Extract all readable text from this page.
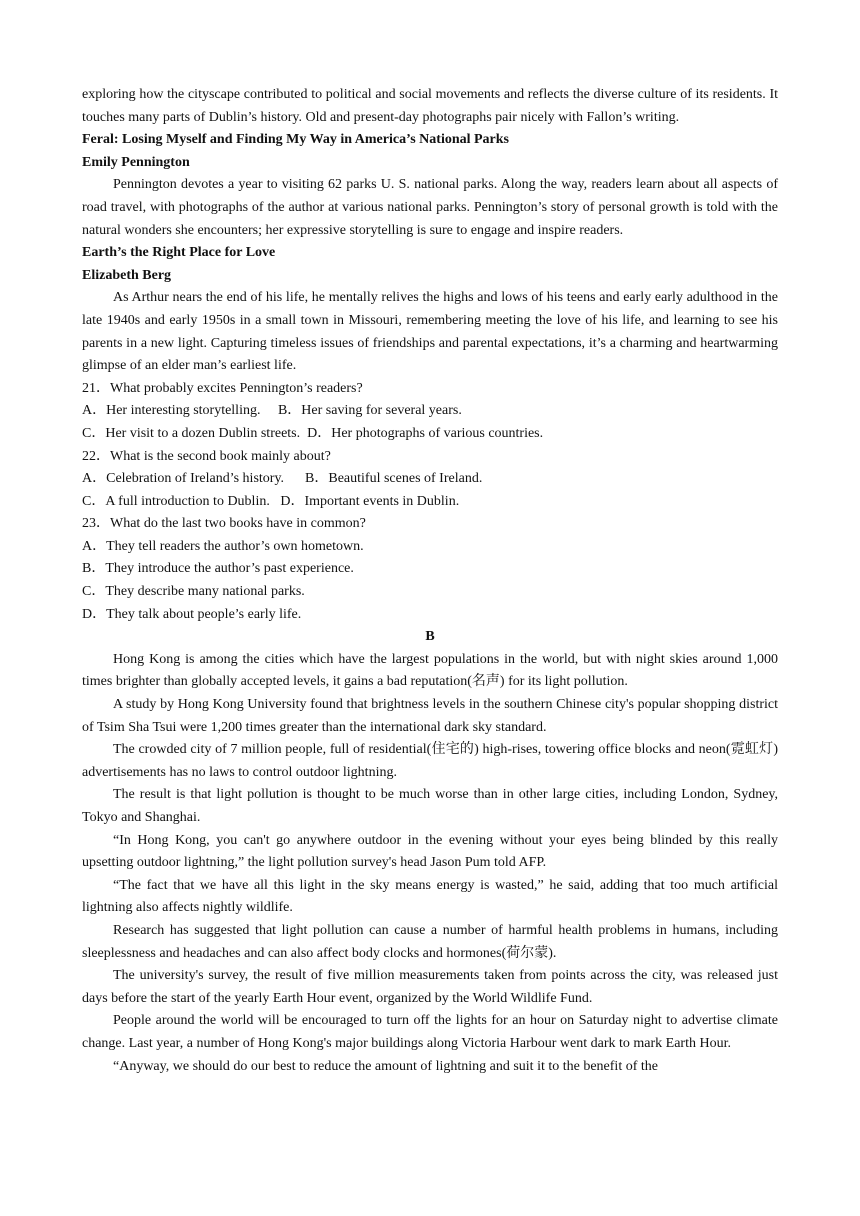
exploring how the cityscape contributed to political and social movements and reflects the diverse culture of its residents. It touches many parts of Dublin’s history. Old and present-day photographs pair nicely with Fallon’s writing.

Feral: Losing Myself and Finding My Way in America’s National Parks

Emily Pennington

Pennington devotes a year to visiting 62 parks U. S. national parks. Along the way, readers learn about all aspects of road travel, with photographs of the author at various national parks. Pennington’s story of personal growth is told with the natural wonders she encounters; her expressive storytelling is sure to engage and inspire readers.

Earth’s the Right Place for Love

Elizabeth Berg

As Arthur nears the end of his life, he mentally relives the highs and lows of his teens and early early adulthood in the late 1940s and early 1950s in a small town in Missouri, remembering meeting the love of his life, and learning to see his parents in a new light. Capturing timeless issues of friendships and parental expectations, it’s a charming and heartwarming glimpse of an elder man’s earliest life.

21．What probably excites Pennington’s readers?

A．Her interesting storytelling.     B．Her saving for several years.

C．Her visit to a dozen Dublin streets.  D．Her photographs of various countries.

22．What is the second book mainly about?

A．Celebration of Ireland’s history.      B．Beautiful scenes of Ireland.

C．A full introduction to Dublin.   D．Important events in Dublin.

23．What do the last two books have in common?

A．They tell readers the author’s own hometown.

B．They introduce the author’s past experience.

C．They describe many national parks.

D．They talk about people’s early life.

B

Hong Kong is among the cities which have the largest populations in the world, but with night skies around 1,000 times brighter than globally accepted levels, it gains a bad reputation(名声) for its light pollution.

A study by Hong Kong University found that brightness levels in the southern Chinese city's popular shopping district of Tsim Sha Tsui were 1,200 times greater than the international dark sky standard.

The crowded city of 7 million people, full of residential(住宅的) high-rises, towering office blocks and neon(霓虹灯) advertisements has no laws to control outdoor lightning.

The result is that light pollution is thought to be much worse than in other large cities, including London, Sydney, Tokyo and Shanghai.

“In Hong Kong, you can't go anywhere outdoor in the evening without your eyes being blinded by this really upsetting outdoor lightning,” the light pollution survey's head Jason Pum told AFP.

“The fact that we have all this light in the sky means energy is wasted,” he said, adding that too much artificial lightning also affects nightly wildlife.

Research has suggested that light pollution can cause a number of harmful health problems in humans, including sleeplessness and headaches and can also affect body clocks and hormones(荷尔蒙).

The university's survey, the result of five million measurements taken from points across the city, was released just days before the start of the yearly Earth Hour event, organized by the World Wildlife Fund.

People around the world will be encouraged to turn off the lights for an hour on Saturday night to advertise climate change. Last year, a number of Hong Kong's major buildings along Victoria Harbour went dark to mark Earth Hour.

“Anyway, we should do our best to reduce the amount of lightning and suit it to the benefit of the
